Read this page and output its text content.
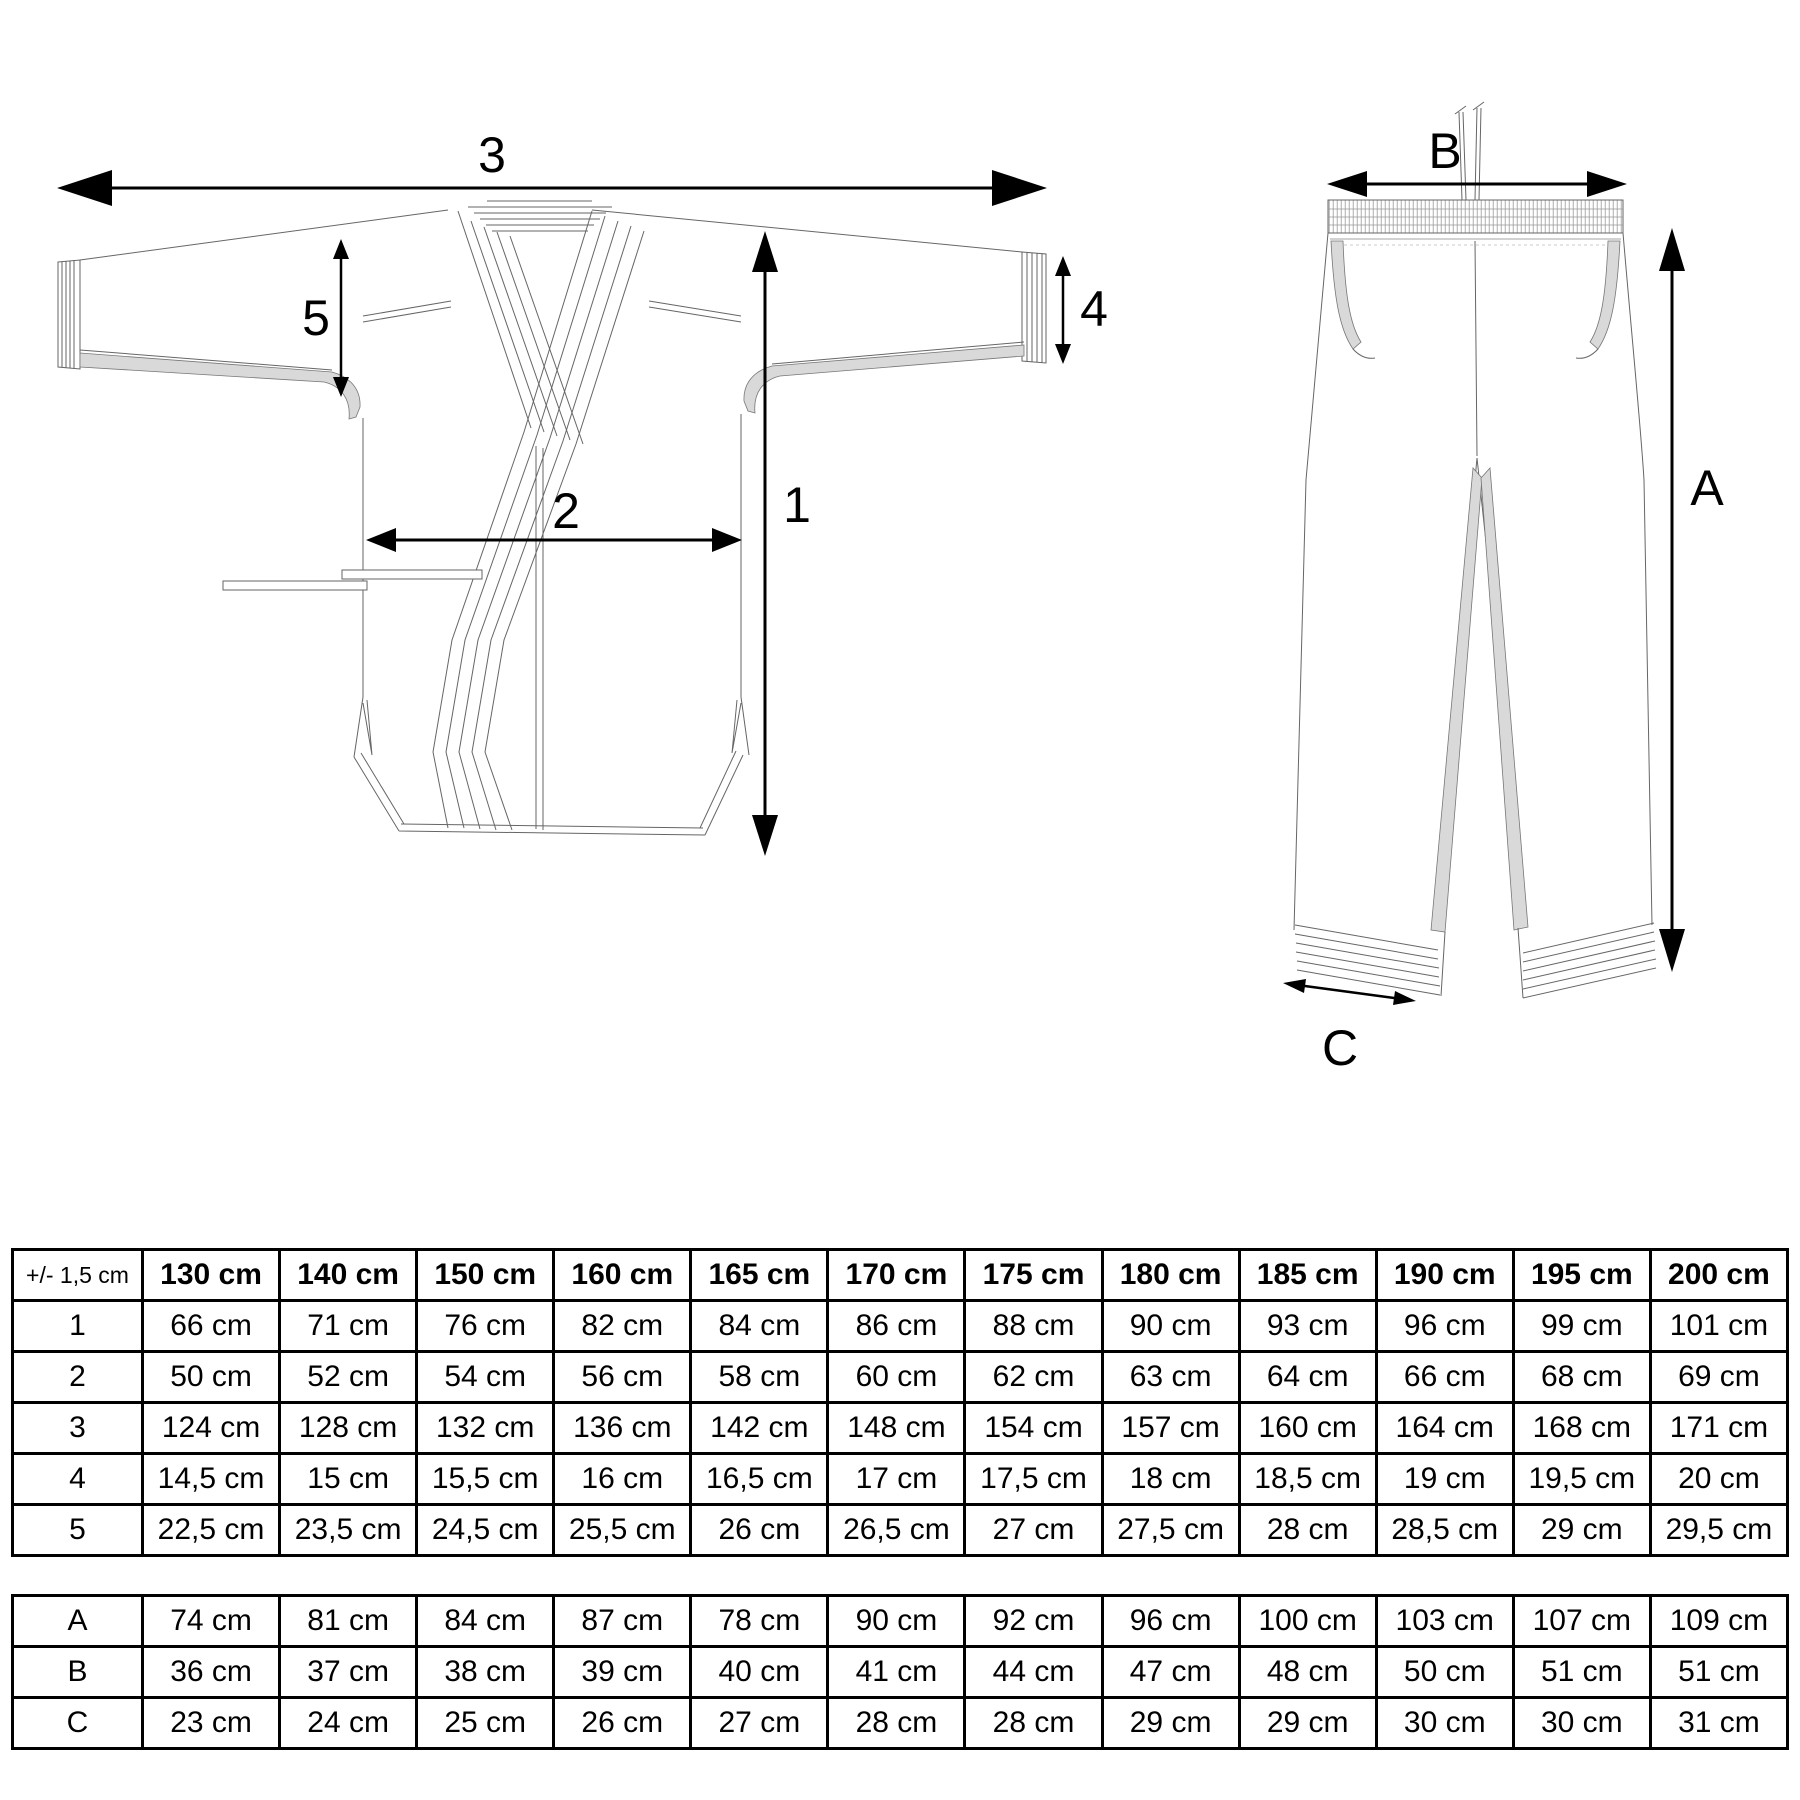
3
5
1
2
4
B
A
C
+/- 1,5 cm	130 cm	140 cm	150 cm	160 cm	165 cm	170 cm	175 cm	180 cm	185 cm	190 cm	195 cm	200 cm
1	66 cm	71 cm	76 cm	82 cm	84 cm	86 cm	88 cm	90 cm	93 cm	96 cm	99 cm	101 cm
2	50 cm	52 cm	54 cm	56 cm	58 cm	60 cm	62 cm	63 cm	64 cm	66 cm	68 cm	69 cm
3	124 cm	128 cm	132 cm	136 cm	142 cm	148 cm	154 cm	157 cm	160 cm	164 cm	168 cm	171 cm
4	14,5 cm	15 cm	15,5 cm	16 cm	16,5 cm	17 cm	17,5 cm	18 cm	18,5 cm	19 cm	19,5 cm	20 cm
5	22,5 cm	23,5 cm	24,5 cm	25,5 cm	26 cm	26,5 cm	27 cm	27,5 cm	28 cm	28,5 cm	29 cm	29,5 cm
A	74 cm	81 cm	84 cm	87 cm	78 cm	90 cm	92 cm	96 cm	100 cm	103 cm	107 cm	109 cm
B	36 cm	37 cm	38 cm	39 cm	40 cm	41 cm	44 cm	47 cm	48 cm	50 cm	51 cm	51 cm
C	23 cm	24 cm	25 cm	26 cm	27 cm	28 cm	28 cm	29 cm	29 cm	30 cm	30 cm	31 cm
